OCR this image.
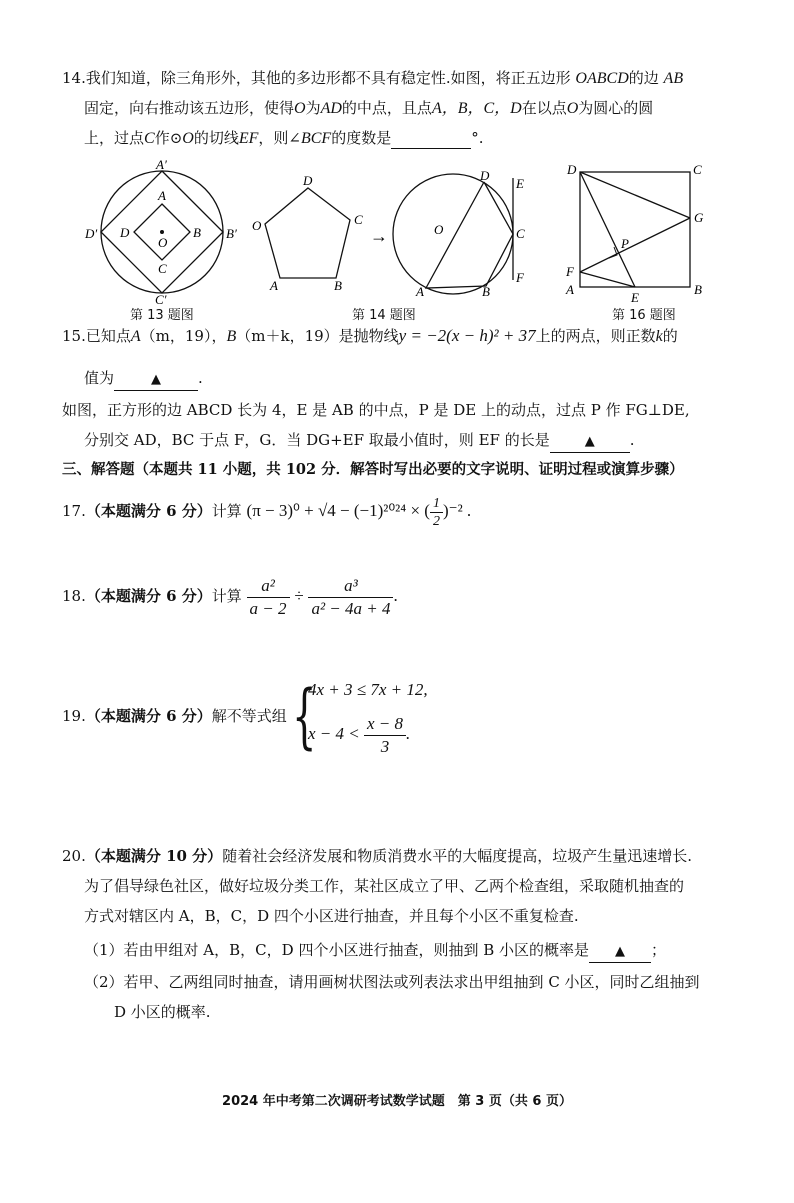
14.我们知道，除三角形外，其他的多边形都不具有稳定性.如图，将正五边形 OABCD的边 AB
固定，向右推动该五边形，使得O为AD的中点，且点A，B，C，D在以点O为圆心的圆
上，过点C作⊙O的切线EF，则∠BCF的度数是	°.
A′
B′
C′
D′
A
B
C
D
O
D
O	C
A	B
→
D
E
O	C
A	B
F
D	C
G
P
F
A
E
B
第 13 题图	第 14 题图	第 16 题图
15.已知点A（m，19），B（m＋k，19）是抛物线y = −2(x − h)² + 37上的两点，则正数k的
值为	▲ .
如图，正方形的边 ABCD 长为 4，E 是 AB 的中点，P 是 DE 上的动点，过点 P 作 FG⊥DE,
分别交 AD，BC 于点 F，G．当 DG+EF 取最小值时，则 EF 的长是	▲ .
三、解答题（本题共 11 小题，共 102 分．解答时写出必要的文字说明、证明过程或演算步骤）
17.（本题满分 6 分）计算 (π − 3)⁰ + √4 − (−1)²⁰²⁴ × ( $\frac{1}{2} )^{-2}$ .
18.（本题满分 6 分）计算 $\frac{\text{a²}}{a - 2} \div \frac{\text{a³}}{\text{a² − 4a + 4}}$ .
19.（本题满分 6 分）解不等式组 {
4x + 3 ≤ 7x + 12,
$x - 4 < \frac{x - 8}{3}$ .
20.（本题满分 10 分）随着社会经济发展和物质消费水平的大幅度提高，垃圾产生量迅速增长.
为了倡导绿色社区，做好垃圾分类工作，某社区成立了甲、乙两个检查组，采取随机抽查的
方式对辖区内 A，B，C，D 四个小区进行抽查，并且每个小区不重复检查.
（1）若由甲组对 A，B，C，D 四个小区进行抽查，则抽到 B 小区的概率是 ▲ ；
（2）若甲、乙两组同时抽查，请用画树状图法或列表法求出甲组抽到 C 小区，同时乙组抽到
D 小区的概率.
2024 年中考第二次调研考试数学试题　第 3 页（共 6 页）
